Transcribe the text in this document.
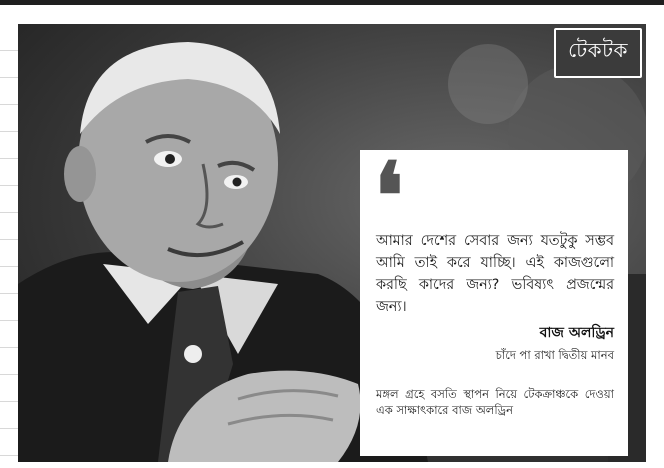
টেকটক
❛
আমার দেশের সেবার জন্য যতটুকু সম্ভব আমি তাই করে যাচ্ছি। এই কাজগুলো করছি কাদের জন্য? ভবিষ্যৎ প্রজন্মের জন্য।
বাজ অলড্রিন
চাঁদে পা রাখা দ্বিতীয় মানব
মঙ্গল গ্রহে বসতি স্থাপন নিয়ে টেকক্রাঞ্চকে দেওয়া এক সাক্ষাৎকারে বাজ অলড্রিন
